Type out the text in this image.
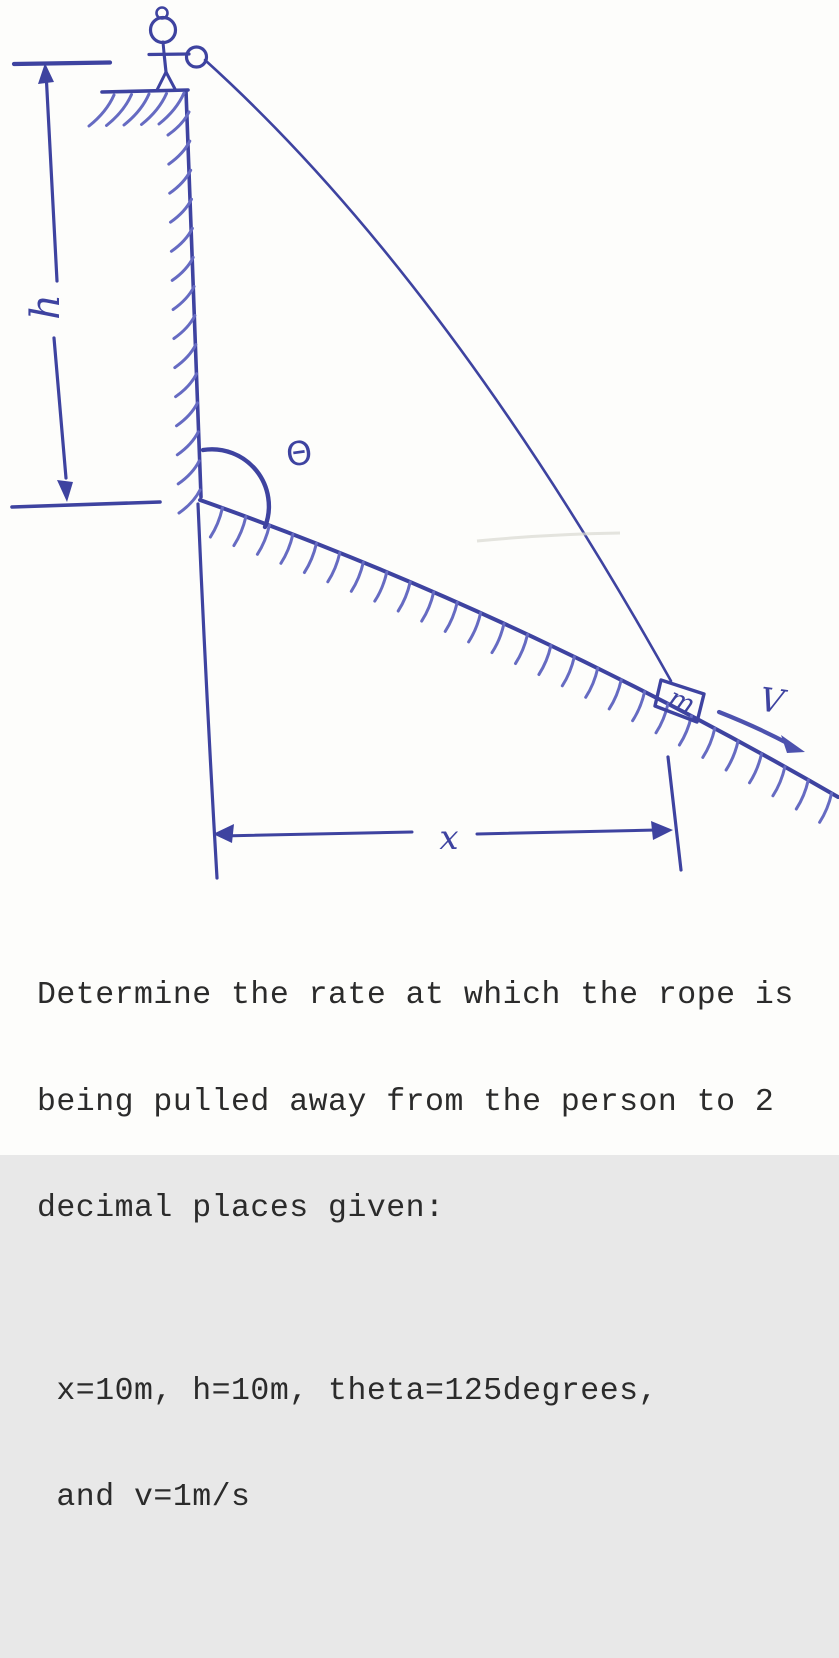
h
Θ
m V
x

Determine the rate at which the rope is

being pulled away from the person to 2

decimal places given:

x=10m, h=10m, theta=125degrees,

and v=1m/s
